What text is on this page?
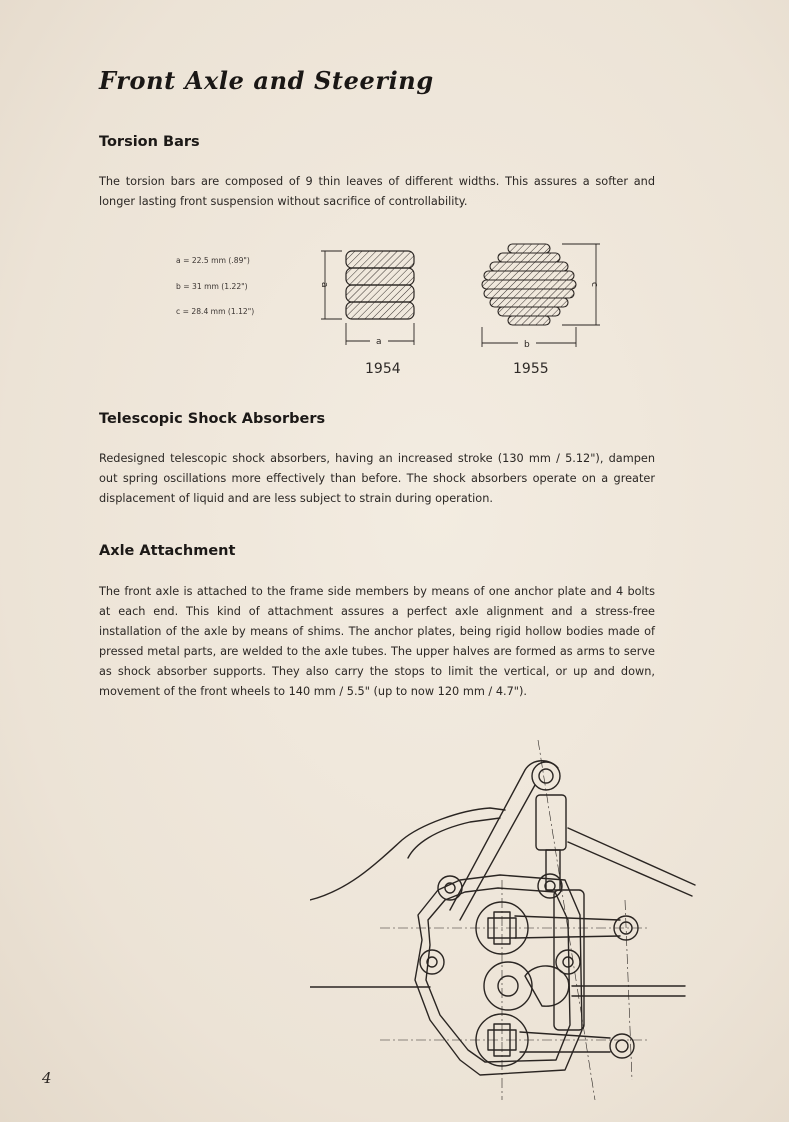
Front Axle and Steering
Torsion Bars

The torsion bars are composed of 9 thin leaves of different widths. This assures a softer and longer lasting front suspension without sacrifice of controllability.

a = 22.5 mm (.89")
b = 31 mm (1.22")
c = 28.4 mm (1.12")
a
a
c
b
1954	1955
Telescopic Shock Absorbers

Redesigned telescopic shock absorbers, having an increased stroke (130 mm / 5.12"), dampen out spring oscillations more effectively than before. The shock absorbers operate on a greater displacement of liquid and are less subject to strain during operation.

Axle Attachment

The front axle is attached to the frame side members by means of one anchor plate and 4 bolts at each end. This kind of attachment assures a perfect axle alignment and a stress-free installation of the axle by means of shims. The anchor plates, being rigid hollow bodies made of pressed metal parts, are welded to the axle tubes. The upper halves are formed as arms to serve as shock absorber supports. They also carry the stops to limit the vertical, or up and down, movement of the front wheels to 140 mm / 5.5" (up to now 120 mm / 4.7").

4
